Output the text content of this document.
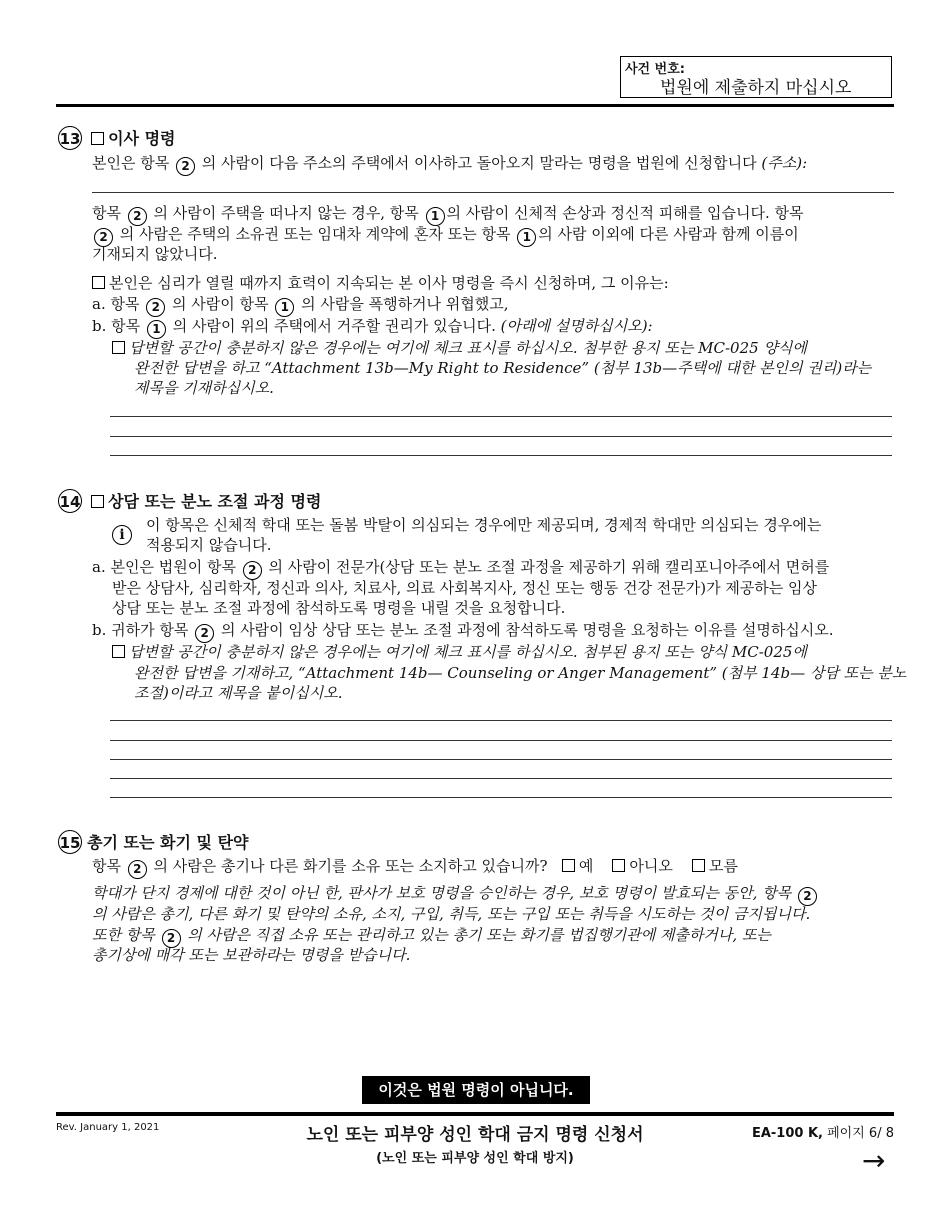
사건 번호:
법원에 제출하지 마십시오
13 이사 명령
본인은 항목 2 의 사람이 다음 주소의 주택에서 이사하고 돌아오지 말라는 명령을 법원에 신청합니다 (주소):
항목 2 의 사람이 주택을 떠나지 않는 경우, 항목 1 의 사람이 신체적 손상과 정신적 피해를 입습니다. 항목
2 의 사람은 주택의 소유권 또는 임대차 계약에 혼자 또는 항목 1 의 사람 이외에 다른 사람과 함께 이름이
기재되지 않았니다.
본인은 심리가 열릴 때까지 효력이 지속되는 본 이사 명령을 즉시 신청하며, 그 이유는:
a. 항목 2 의 사람이 항목 1 의 사람을 폭행하거나 위협했고,
b. 항목 1 의 사람이 위의 주택에서 거주할 권리가 있습니다. (아래에 설명하십시오):
답변할 공간이 충분하지 않은 경우에는 여기에 체크 표시를 하십시오. 첨부한 용지 또는 MC-025 양식에
완전한 답변을 하고 “Attachment 13b—My Right to Residence” (첨부 13b—주택에 대한 본인의 권리)라는
제목을 기재하십시오.
14 상담 또는 분노 조절 과정 명령
i
이 항목은 신체적 학대 또는 돌봄 박탈이 의심되는 경우에만 제공되며, 경제적 학대만 의심되는 경우에는
적용되지 않습니다.
a. 본인은 법원이 항목 2 의 사람이 전문가(상담 또는 분노 조절 과정을 제공하기 위해 캘리포니아주에서 면허를
받은 상담사, 심리학자, 정신과 의사, 치료사, 의료 사회복지사, 정신 또는 행동 건강 전문가)가 제공하는 임상
상담 또는 분노 조절 과정에 참석하도록 명령을 내릴 것을 요청합니다.
b. 귀하가 항목 2 의 사람이 임상 상담 또는 분노 조절 과정에 참석하도록 명령을 요청하는 이유를 설명하십시오.
답변할 공간이 충분하지 않은 경우에는 여기에 체크 표시를 하십시오. 첨부된 용지 또는 양식 MC-025에
완전한 답변을 기재하고, “Attachment 14b— Counseling or Anger Management” (첨부 14b— 상담 또는 분노
조절)이라고 제목을 붙이십시오.
15 총기 또는 화기 및 탄약
항목 2 의 사람은 총기나 다른 화기를 소유 또는 소지하고 있습니까? 예 아니오 모름
학대가 단지 경제에 대한 것이 아닌 한, 판사가 보호 명령을 승인하는 경우, 보호 명령이 발효되는 동안, 항목 2
의 사람은 총기, 다른 화기 및 탄약의 소유, 소지, 구입, 취득, 또는 구입 또는 취득을 시도하는 것이 금지됩니다.
또한 항목 2 의 사람은 직접 소유 또는 관리하고 있는 총기 또는 화기를 법집행기관에 제출하거나, 또는
총기상에 매각 또는 보관하라는 명령을 받습니다.
이것은 법원 명령이 아닙니다.
Rev. January 1, 2021	노인 또는 피부양 성인 학대 금지 명령 신청서
(노인 또는 피부양 성인 학대 방지)
EA-100 K, 페이지 6/ 8
→
